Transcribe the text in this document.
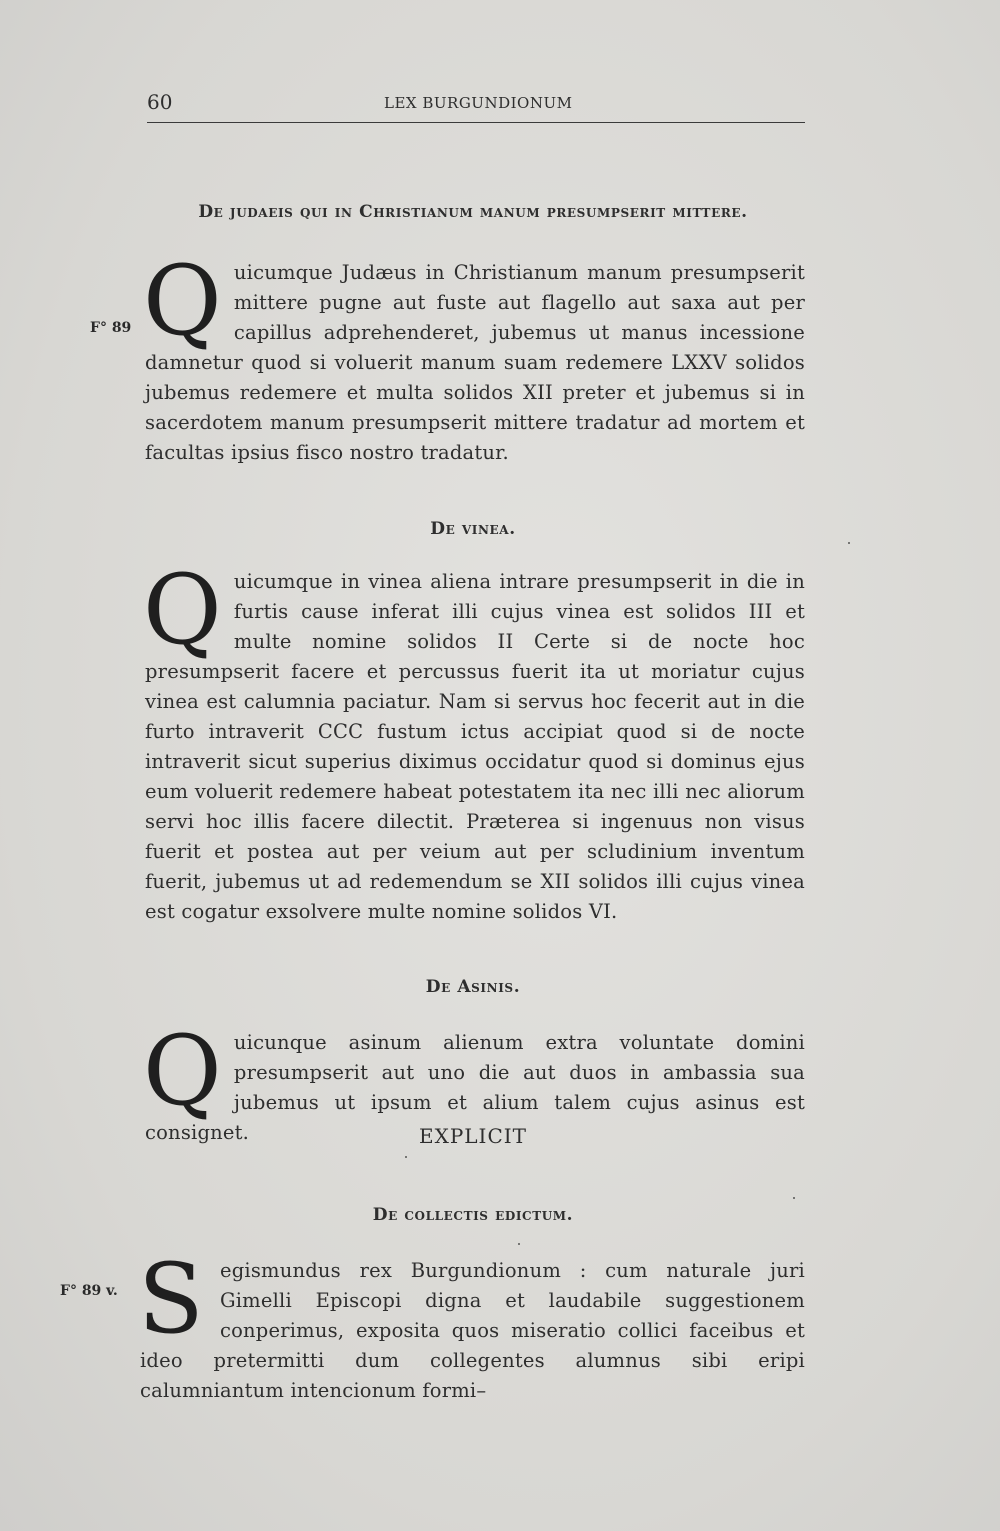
60	LEX BURGUNDIONUM
De judaeis qui in Christianum manum presumpserit mittere.
F° 89 Quicumque Judæus in Christianum manum presumpserit mittere pugne aut fuste aut flagello aut saxa aut per capillus adprehenderet, jubemus ut manus incessione damnetur quod si voluerit manum suam redemere LXXV solidos jubemus redemere et multa solidos XII preter et jubemus si in sacerdotem manum presumpserit mittere tradatur ad mortem et facultas ipsius fisco nostro tradatur.

De vinea.

Quicumque in vinea aliena intrare presumpserit in die in furtis cause inferat illi cujus vinea est solidos III et multe nomine solidos II Certe si de nocte hoc presumpserit facere et percussus fuerit ita ut moriatur cujus vinea est calumnia paciatur. Nam si servus hoc fecerit aut in die furto intraverit CCC fustum ictus accipiat quod si de nocte intraverit sicut superius diximus occidatur quod si dominus ejus eum voluerit redemere habeat potestatem ita nec illi nec aliorum servi hoc illis facere dilectit. Præterea si ingenuus non visus fuerit et postea aut per veium aut per scludinium inventum fuerit, jubemus ut ad redemendum se XII solidos illi cujus vinea est cogatur exsolvere multe nomine solidos VI.

De Asinis.

Quicunque asinum alienum extra voluntate domini presumpserit aut uno die aut duos in ambassia sua jubemus ut ipsum et alium talem cujus asinus est consignet.	EXPLICIT
De collectis edictum.
F° 89 v. Segismundus rex Burgundionum : cum naturale juri Gimelli Episcopi digna et laudabile suggestionem conperimus, exposita quos miseratio collici faceibus et ideo pretermitti dum collegentes alumnus sibi eripi calumniantum intencionum formi–
